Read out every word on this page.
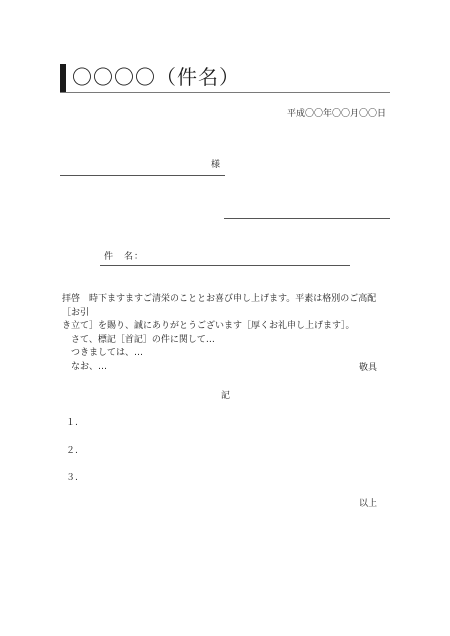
〇〇〇〇（件名）
平成〇〇年〇〇月〇〇日
様
件　名：

拝啓　時下ますますご清栄のこととお喜び申し上げます。平素は格別のご高配［お引

き立て］を賜り、誠にありがとうございます［厚くお礼申し上げます］。

　さて、標記［首記］の件に関して…

　つきましては、…

　なお、…	敬具
記
１.
２.
３.
以上
